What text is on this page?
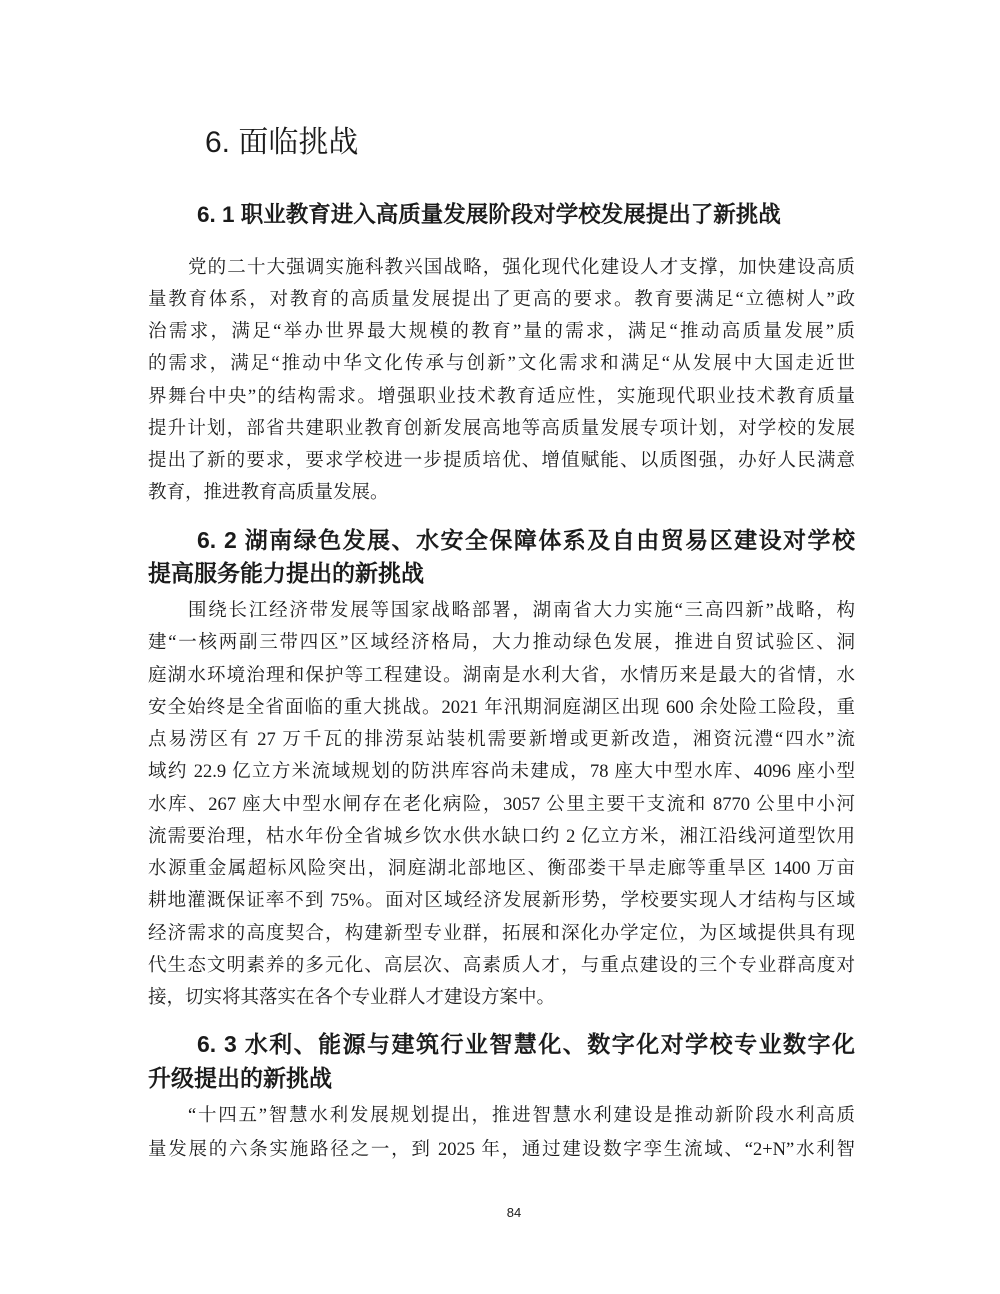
6. 面临挑战
6. 1 职业教育进入高质量发展阶段对学校发展提出了新挑战
党的二十大强调实施科教兴国战略，强化现代化建设人才支撑，加快建设高质
量教育体系，对教育的高质量发展提出了更高的要求。教育要满足“立德树人”政
治需求，满足“举办世界最大规模的教育”量的需求，满足“推动高质量发展”质
的需求，满足“推动中华文化传承与创新”文化需求和满足“从发展中大国走近世
界舞台中央”的结构需求。增强职业技术教育适应性，实施现代职业技术教育质量
提升计划，部省共建职业教育创新发展高地等高质量发展专项计划，对学校的发展
提出了新的要求，要求学校进一步提质培优、增值赋能、以质图强，办好人民满意
教育，推进教育高质量发展。
6. 2 湖南绿色发展、水安全保障体系及自由贸易区建设对学校
提高服务能力提出的新挑战
围绕长江经济带发展等国家战略部署，湖南省大力实施“三高四新”战略，构
建“一核两副三带四区”区域经济格局，大力推动绿色发展，推进自贸试验区、洞
庭湖水环境治理和保护等工程建设。湖南是水利大省，水情历来是最大的省情，水
安全始终是全省面临的重大挑战。2021 年汛期洞庭湖区出现 600 余处险工险段，重
点易涝区有 27 万千瓦的排涝泵站装机需要新增或更新改造，湘资沅澧“四水”流
域约 22.9 亿立方米流域规划的防洪库容尚未建成，78 座大中型水库、4096 座小型
水库、267 座大中型水闸存在老化病险，3057 公里主要干支流和 8770 公里中小河
流需要治理，枯水年份全省城乡饮水供水缺口约 2 亿立方米，湘江沿线河道型饮用
水源重金属超标风险突出，洞庭湖北部地区、衡邵娄干旱走廊等重旱区 1400 万亩
耕地灌溉保证率不到 75%。面对区域经济发展新形势，学校要实现人才结构与区域
经济需求的高度契合，构建新型专业群，拓展和深化办学定位，为区域提供具有现
代生态文明素养的多元化、高层次、高素质人才，与重点建设的三个专业群高度对
接，切实将其落实在各个专业群人才建设方案中。
6. 3 水利、能源与建筑行业智慧化、数字化对学校专业数字化
升级提出的新挑战
“十四五”智慧水利发展规划提出，推进智慧水利建设是推动新阶段水利高质
量发展的六条实施路径之一，到 2025 年，通过建设数字孪生流域、“2+N”水利智
84
